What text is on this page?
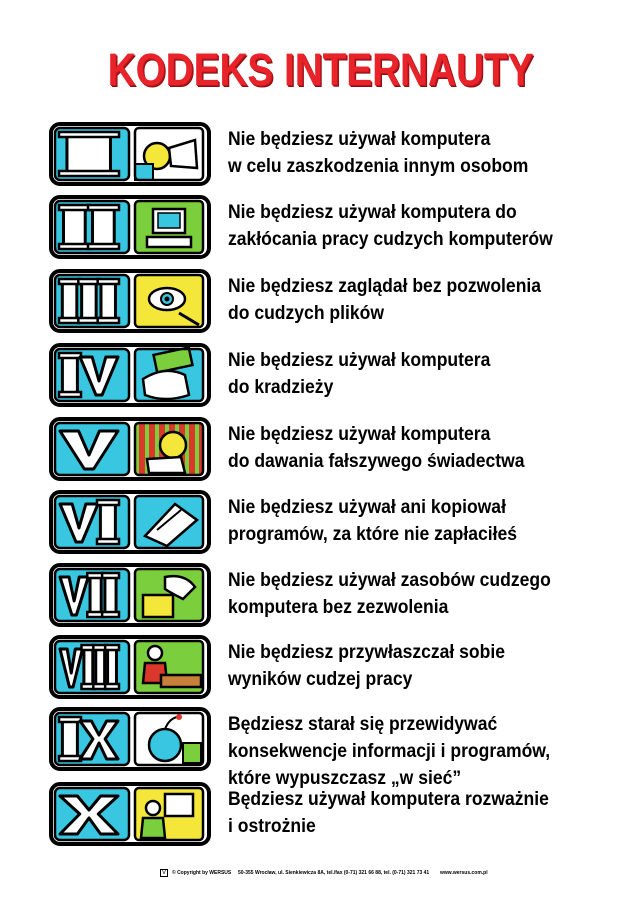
KODEKS INTERNAUTY
Nie będziesz używał komputera
w celu zaszkodzenia innym osobom
Nie będziesz używał komputera do
zakłócania pracy cudzych komputerów
Nie będziesz zaglądał bez pozwolenia
do cudzych plików
Nie będziesz używał komputera
do kradzieży
Nie będziesz używał komputera
do dawania fałszywego świadectwa
Nie będziesz używał ani kopiował
programów, za które nie zapłaciłeś
Nie będziesz używał zasobów cudzego
komputera bez zezwolenia
Nie będziesz przywłaszczał sobie
wyników cudzej pracy
Będziesz starał się przewidywać
konsekwencje informacji i programów,
które wypuszczasz „w sieć”
Będziesz używał komputera rozważnie
i ostrożnie
V	© Copyright by WERSUS 50-355 Wrocław, ul. Sienkiewicza 8A, tel./fax (0-71) 321 66 88, tel. (0-71) 321 73 41 www.wersus.com.pl
